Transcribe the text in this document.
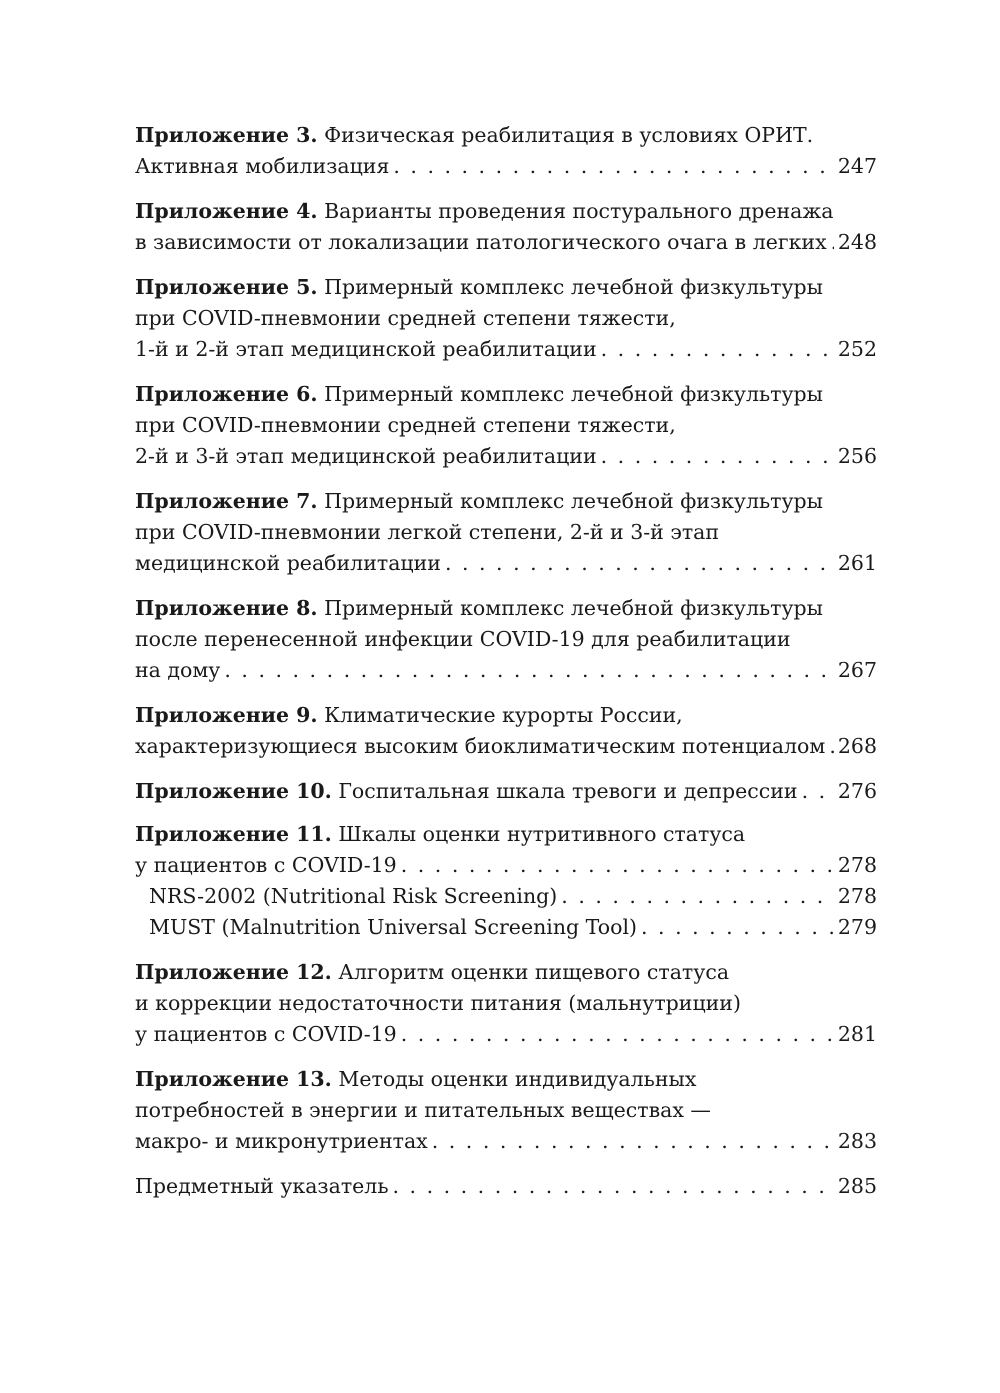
Приложение 3. Физическая реабилитация в условиях ОРИТ.
Активная мобилизация . . .	247
Приложение 4. Варианты проведения постурального дренажа
в зависимости от локализации патологического очага в легких . . . 248
Приложение 5. Примерный комплекс лечебной физкультуры
при COVID-пневмонии средней степени тяжести,
1-й и 2-й этап медицинской реабилитации . . .	252
Приложение 6. Примерный комплекс лечебной физкультуры
при COVID-пневмонии средней степени тяжести,
2-й и 3-й этап медицинской реабилитации . . .	256
Приложение 7. Примерный комплекс лечебной физкультуры
при COVID-пневмонии легкой степени, 2-й и 3-й этап
медицинской реабилитации . . .	261
Приложение 8. Примерный комплекс лечебной физкультуры
после перенесенной инфекции COVID-19 для реабилитации
на дому . . .	267
Приложение 9. Климатические курорты России,
характеризующиеся высоким биоклиматическим потенциалом . . . 268
Приложение 10. Госпитальная шкала тревоги и депрессии . . . 276
Приложение 11. Шкалы оценки нутритивного статуса
у пациентов с COVID-19 . . .	278
NRS-2002 (Nutritional Risk Screening) . . .	278
MUST (Malnutrition Universal Screening Tool) . . .	279
Приложение 12. Алгоритм оценки пищевого статуса
и коррекции недостаточности питания (мальнутриции)
у пациентов с COVID-19 . . .	281
Приложение 13. Методы оценки индивидуальных
потребностей в энергии и питательных веществах —
макро- и микронутриентах . . .	283
Предметный указатель . . .	285
